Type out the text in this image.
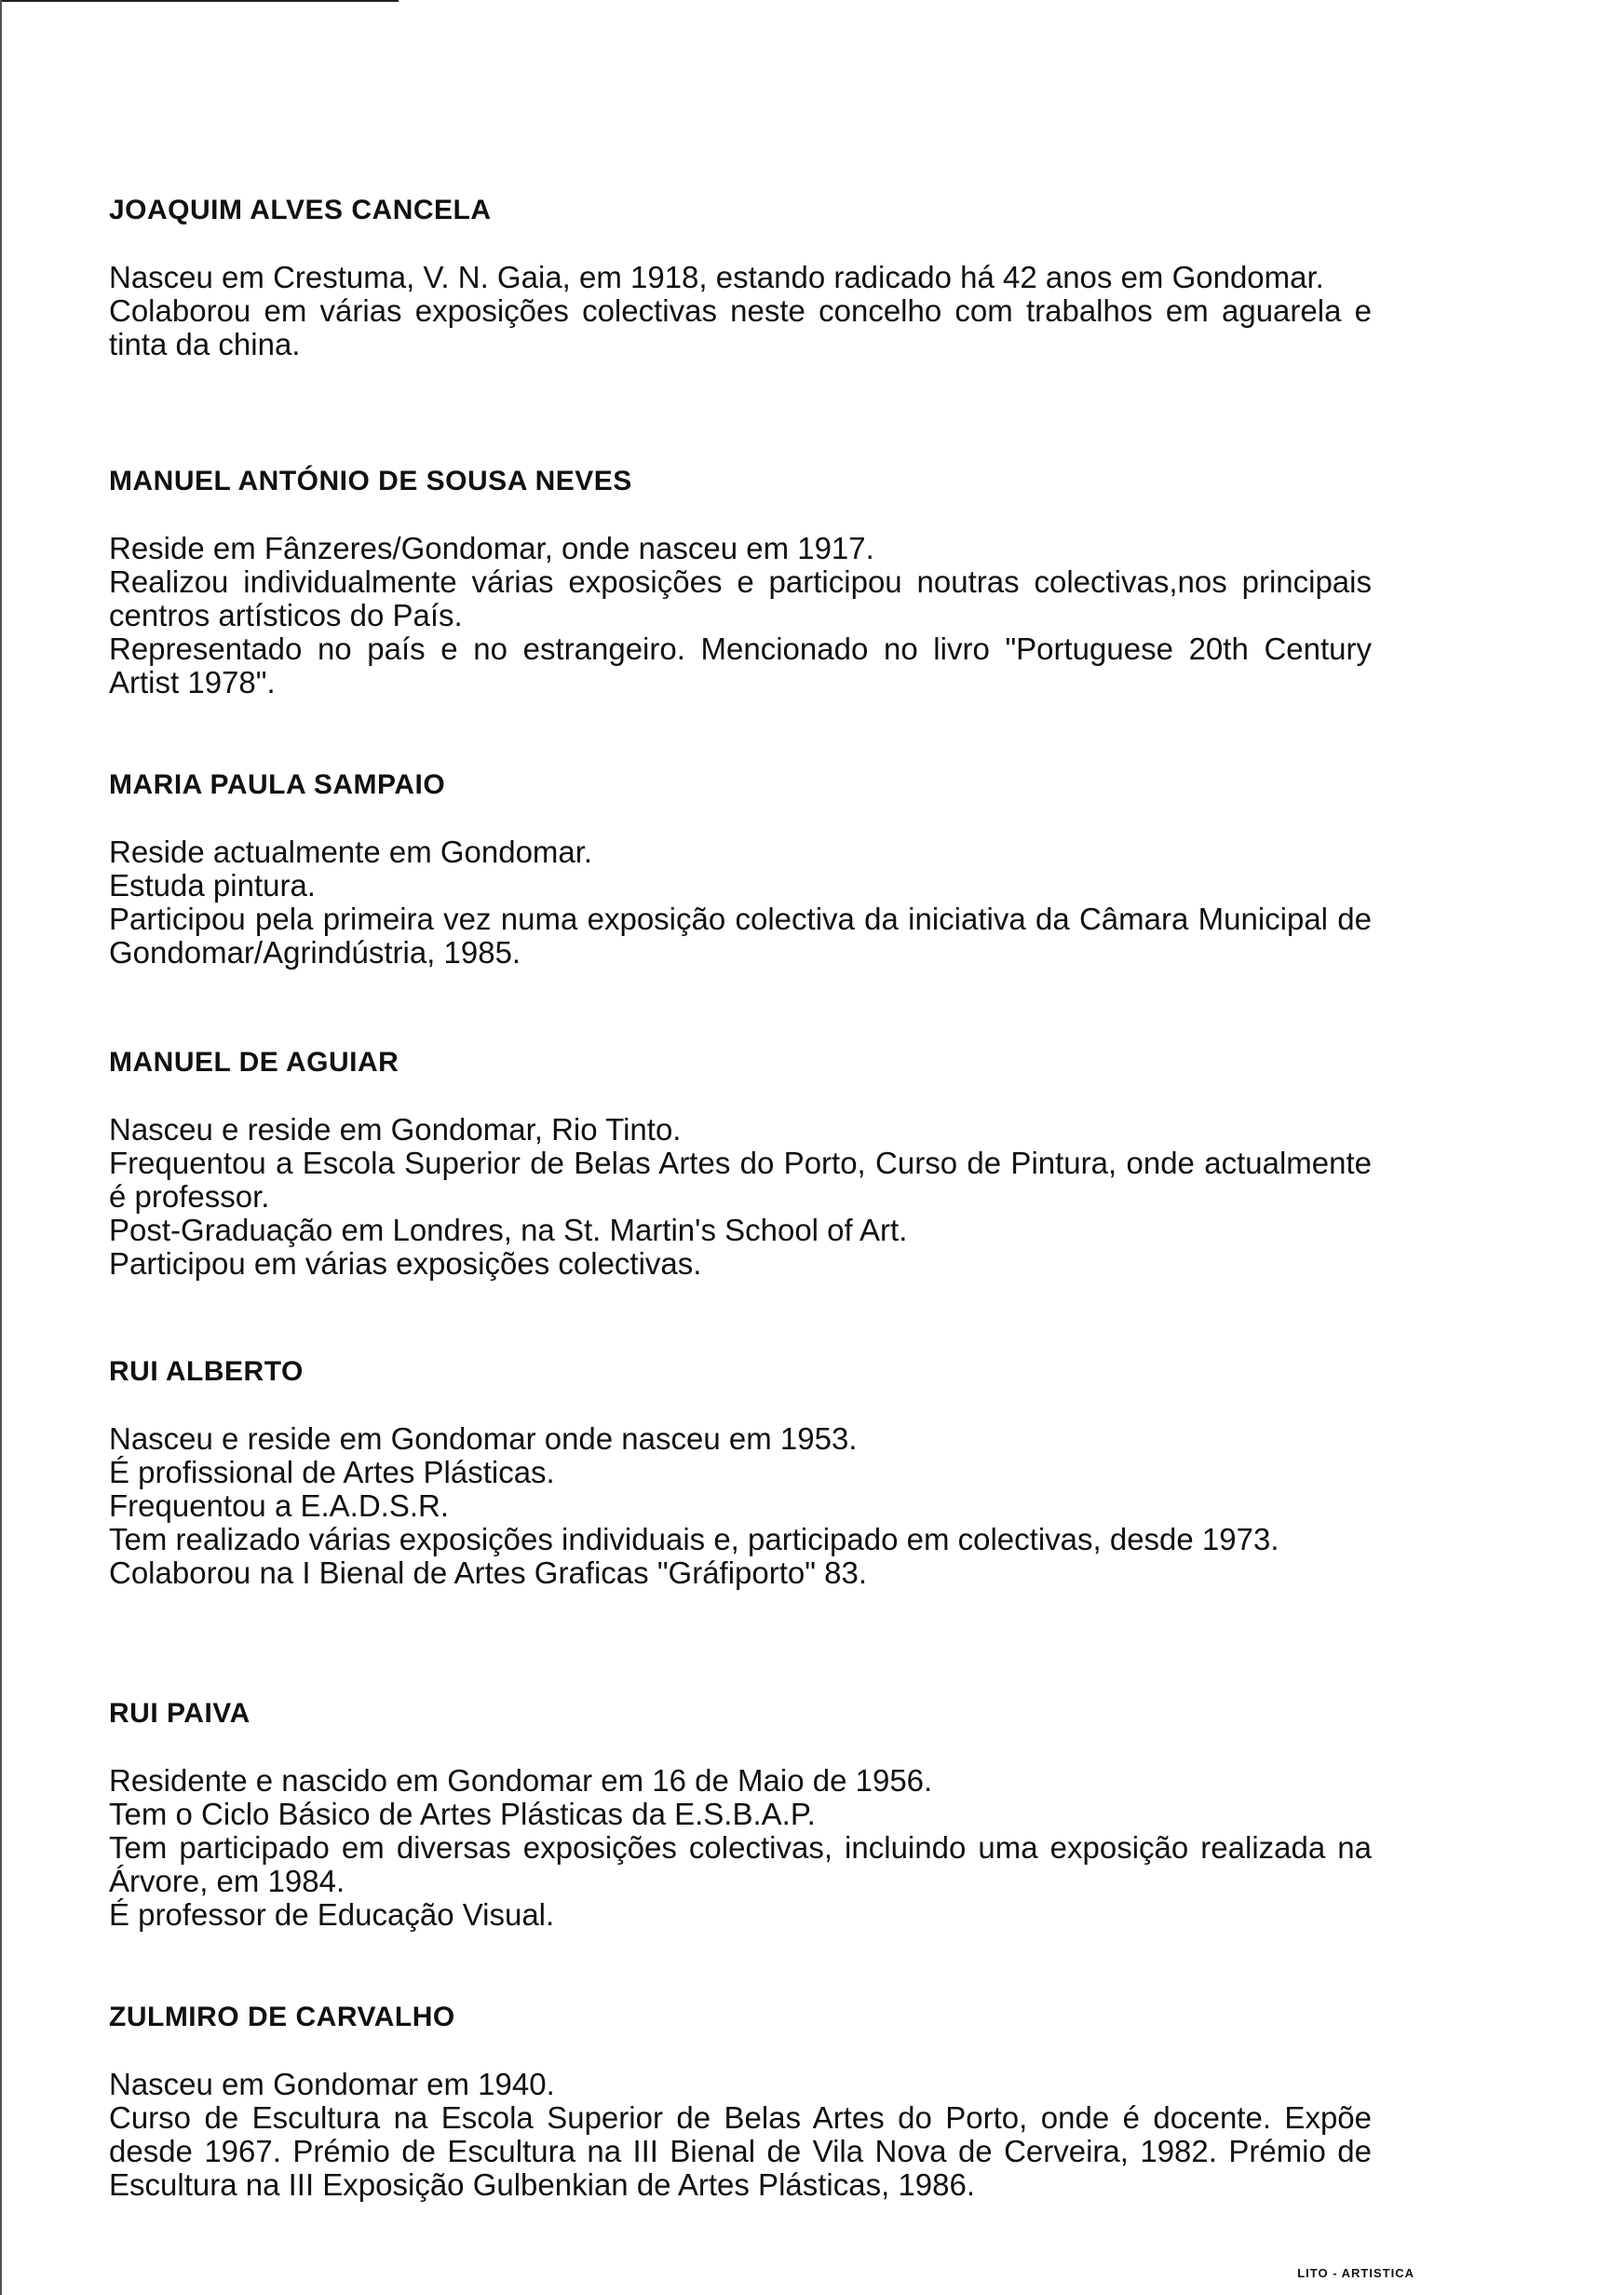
JOAQUIM ALVES CANCELA

Nasceu em Crestuma, V. N. Gaia, em 1918, estando radicado há 42 anos em Gondomar.

Colaborou em várias exposições colectivas neste concelho com trabalhos em aguarela e tinta da china.

MANUEL ANTÓNIO DE SOUSA NEVES

Reside em Fânzeres/Gondomar, onde nasceu em 1917.

Realizou individualmente várias exposições e participou noutras colectivas,nos principais centros artísticos do País.

Representado no país e no estrangeiro. Mencionado no livro "Portuguese 20th Century Artist 1978".

MARIA PAULA SAMPAIO

Reside actualmente em Gondomar.

Estuda pintura.

Participou pela primeira vez numa exposição colectiva da iniciativa da Câmara Municipal de Gondomar/Agrindústria, 1985.

MANUEL DE AGUIAR

Nasceu e reside em Gondomar, Rio Tinto.

Frequentou a Escola Superior de Belas Artes do Porto, Curso de Pintura, onde actualmente é professor.

Post-Graduação em Londres, na St. Martin's School of Art.

Participou em várias exposições colectivas.

RUI ALBERTO

Nasceu e reside em Gondomar onde nasceu em 1953.

É profissional de Artes Plásticas.

Frequentou a E.A.D.S.R.

Tem realizado várias exposições individuais e, participado em colectivas, desde 1973.

Colaborou na I Bienal de Artes Graficas "Gráfiporto" 83.

RUI PAIVA

Residente e nascido em Gondomar em 16 de Maio de 1956.

Tem o Ciclo Básico de Artes Plásticas da E.S.B.A.P.

Tem participado em diversas exposições colectivas, incluindo uma exposição realizada na Árvore, em 1984.

É professor de Educação Visual.

ZULMIRO DE CARVALHO

Nasceu em Gondomar em 1940.

Curso de Escultura na Escola Superior de Belas Artes do Porto, onde é docente. Expõe desde 1967. Prémio de Escultura na III Bienal de Vila Nova de Cerveira, 1982. Prémio de Escultura na III Exposição Gulbenkian de Artes Plásticas, 1986.

LITO - ARTISTICA
